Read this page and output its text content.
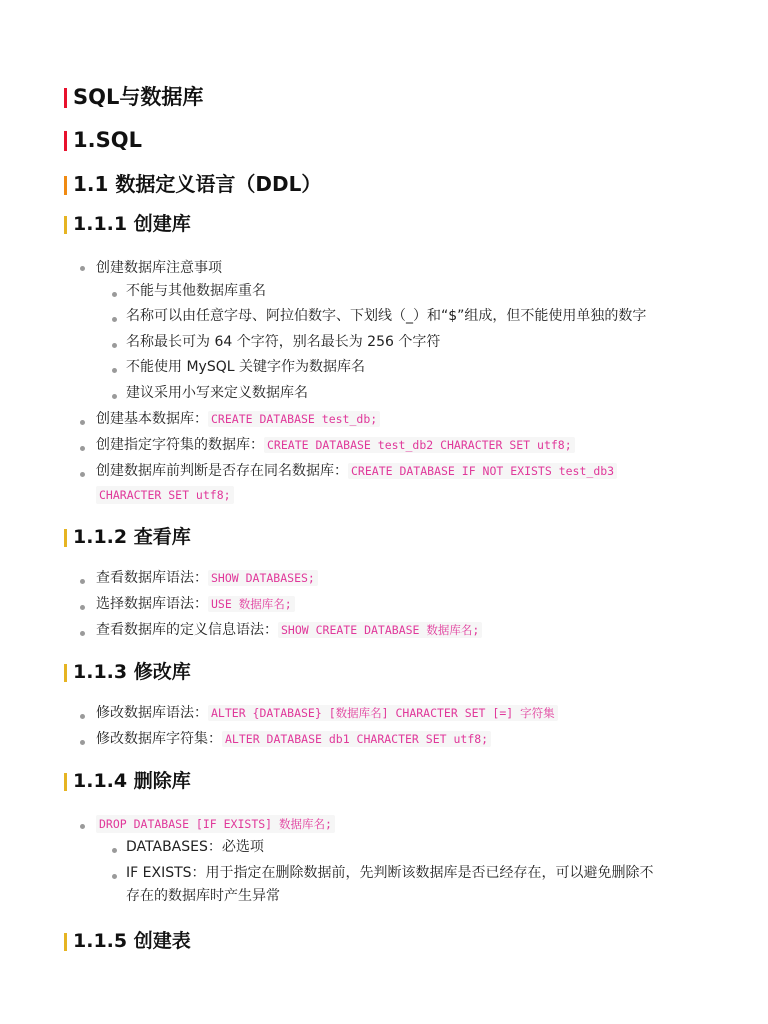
SQL与数据库
1.SQL
1.1 数据定义语言（DDL）
1.1.1 创建库
创建数据库注意事项
不能与其他数据库重名
名称可以由任意字母、阿拉伯数字、下划线（_）和“$”组成，但不能使用单独的数字
名称最长可为 64 个字符，别名最长为 256 个字符
不能使用 MySQL 关键字作为数据库名
建议采用小写来定义数据库名
创建基本数据库： CREATE DATABASE test_db;
创建指定字符集的数据库： CREATE DATABASE test_db2 CHARACTER SET utf8;
创建数据库前判断是否存在同名数据库： CREATE DATABASE IF NOT EXISTS test_db3
CHARACTER SET utf8;
1.1.2 查看库
查看数据库语法： SHOW DATABASES;
选择数据库语法： USE 数据库名;
查看数据库的定义信息语法： SHOW CREATE DATABASE 数据库名;
1.1.3 修改库
修改数据库语法： ALTER {DATABASE} [数据库名] CHARACTER SET [=] 字符集
修改数据库字符集： ALTER DATABASE db1 CHARACTER SET utf8;
1.1.4 删除库
DROP DATABASE [IF EXISTS] 数据库名;
DATABASES：必选项
IF EXISTS：用于指定在删除数据前，先判断该数据库是否已经存在，可以避免删除不
存在的数据库时产生异常
1.1.5 创建表
